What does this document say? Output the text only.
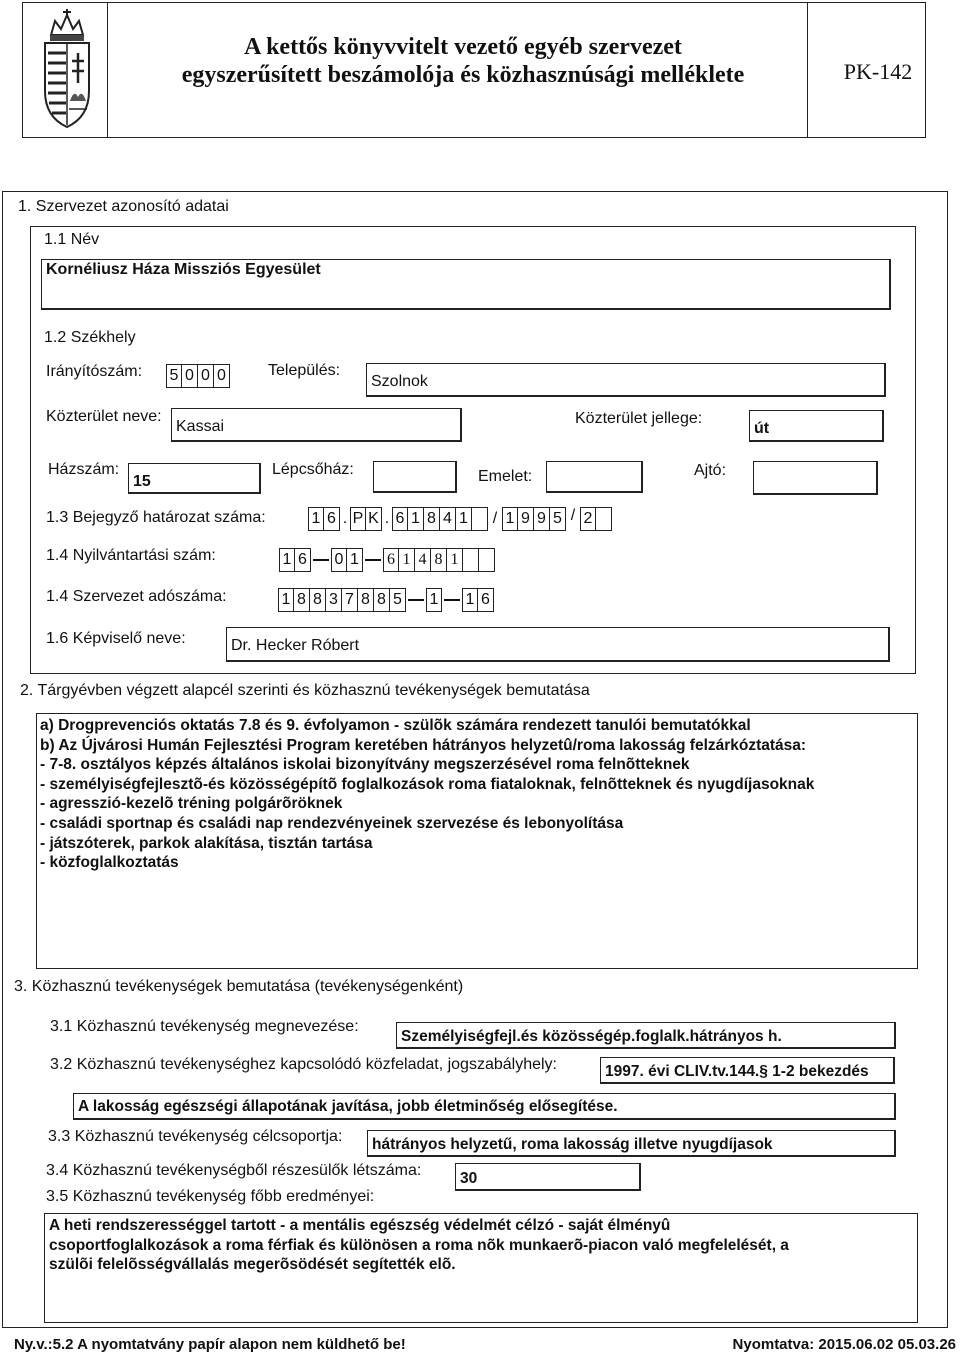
A kettős könyvvitelt vezető egyéb szervezet
egyszerűsített beszámolója és közhasznúsági melléklete	PK-142
1. Szervezet azonosító adatai
1.1 Név
Kornéliusz Háza Missziós Egyesület
1.2 Székhely
Irányítószám: 5 0 0 0	Település:
Szolnok
Közterület neve:
Kassai	Közterület jellege:
út
Házszám:
15
Lépcsőház:	Emelet:	Ajtó:
1.3 Bejegyző határozat száma:	1 6 . P K . 6 1 8 4 1 / 1 9 9 5 / 2
1.4 Nyilvántartási szám:	1 6 0 1 6 1 4 8 1
1.4 Szervezet adószáma:	1 8 8 3 7 8 8 5 1 1 6
1.6 Képviselő neve:	Dr. Hecker Róbert
2. Tárgyévben végzett alapcél szerinti és közhasznú tevékenységek bemutatása
a) Drogprevenciós oktatás 7.8 és 9. évfolyamon - szülõk számára rendezett tanulói bemutatókkal
b) Az Újvárosi Humán Fejlesztési Program keretében hátrányos helyzetû/roma lakosság felzárkóztatása:
- 7-8. osztályos képzés általános iskolai bizonyítvány megszerzésével roma felnõtteknek
- személyiségfejlesztõ-és közösségépítõ foglalkozások roma fiataloknak, felnõtteknek és nyugdíjasoknak
- agresszió-kezelõ tréning polgárõröknek
- családi sportnap és családi nap rendezvényeinek szervezése és lebonyolítása
- játszóterek, parkok alakítása, tisztán tartása
- közfoglalkoztatás
3. Közhasznú tevékenységek bemutatása (tevékenységenként)
3.1 Közhasznú tevékenység megnevezése:
Személyiségfejl.és közösségép.foglalk.hátrányos h.
3.2 Közhasznú tevékenységhez kapcsolódó közfeladat, jogszabályhely:	1997. évi CLIV.tv.144.§ 1-2 bekezdés
A lakosság egészségi állapotának javítása, jobb életminőség elősegítése.
3.3 Közhasznú tevékenység célcsoportja:	hátrányos helyzetű, roma lakosság illetve nyugdíjasok
3.4 Közhasznú tevékenységből részesülők létszáma:	30
3.5 Közhasznú tevékenység főbb eredményei:
A heti rendszerességgel tartott - a mentális egészség védelmét célzó - saját élményû
csoportfoglalkozások a roma férfiak és különösen a roma nõk munkaerõ-piacon való megfelelését, a
szülõi felelõsségvállalás megerõsödését segítették elõ.
Ny.v.:5.2 A nyomtatvány papír alapon nem küldhető be!	Nyomtatva: 2015.06.02 05.03.26
